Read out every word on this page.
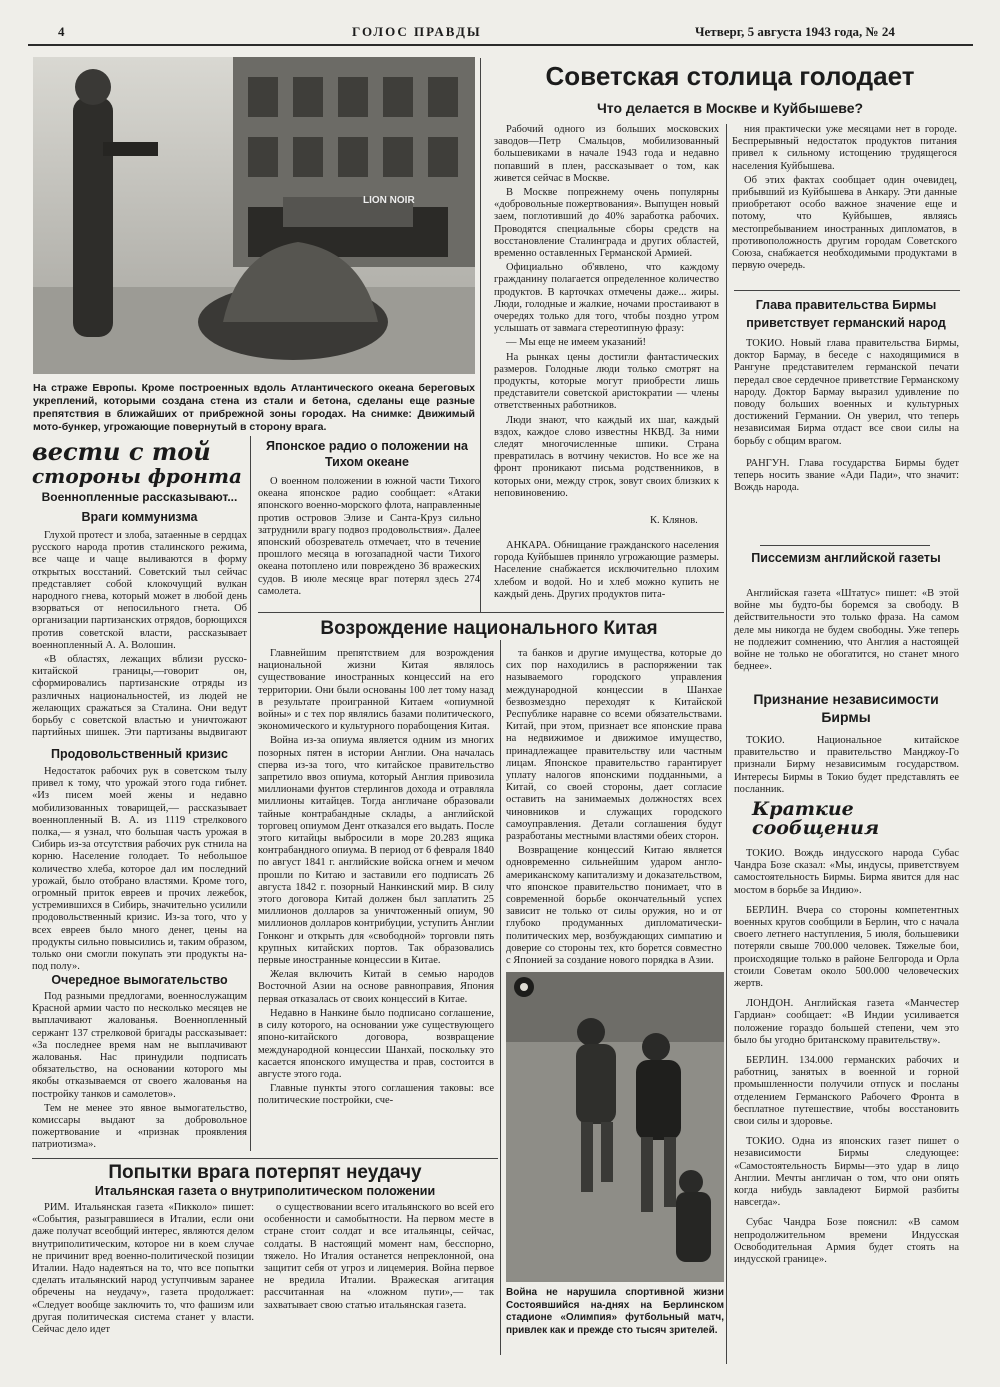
4	ГОЛОС ПРАВДЫ	Четверг, 5 августа 1943 года, № 24
LION NOIR
На страже Европы. Кроме построенных вдоль Атлантического океана береговых укреплений, которыми создана стена из стали и бетона, сделаны еще разные препятствия в ближайших от прибрежной зоны городах. На снимке: Движимый мото-бункер, угрожающие повернутый в сторону врага.
Советская столица голодает
Что делается в Москве и Куйбышеве?

Рабочий одного из больших московских заводов—Петр Смальцов, мобилизованный большевиками в начале 1943 года и недавно попавший в плен, рассказывает о том, как живется сейчас в Москве.

В Москве попрежнему очень популярны «добровольные пожертвования». Выпущен новый заем, поглотивший до 40% заработка рабочих. Проводятся специальные сборы средств на восстановление Сталинграда и других областей, временно оставленных Германской Армией.

Официально об'явлено, что каждому гражданину полагается определенное количество продуктов. В карточках отмечены даже... жиры. Люди, голодные и жалкие, ночами простаивают в очередях только для того, чтобы поздно утром услышать от завмага стереотипную фразу:

— Мы еще не имеем указаний!

На рынках цены достигли фантастических размеров. Голодные люди только смотрят на продукты, которые могут приобрести лишь представители советской аристократии — члены ответственных работников.

Люди знают, что каждый их шаг, каждый вздох, каждое слово известны НКВД. За ними следят многочисленные шпики. Страна превратилась в вотчину чекистов. Но все же на фронт проникают письма родственников, в которых они, между строк, зовут своих близких к неповиновению.

К. Клянов.

АНКАРА. Обнищание гражданского населения города Куйбышев приняло угрожающие размеры. Население снабжается исключительно плохим хлебом и водой. Но и хлеб можно купить не каждый день. Других продуктов пита-

ния практически уже месяцами нет в городе. Беспрерывный недостаток продуктов питания привел к сильному истощению трудящегося населения Куйбышева.

Об этих фактах сообщает один очевидец, прибывший из Куйбышева в Анкару. Эти данные приобретают особо важное значение еще и потому, что Куйбышев, являясь местопребыванием иностранных дипломатов, в противоположность другим городам Советского Союза, снабжается необходимыми продуктами в первую очередь.

Глава правительства Бирмы приветствует германский народ

ТОКИО. Новый глава правительства Бирмы, доктор Бармау, в беседе с находящимися в Рангуне представителем германской печати передал свое сердечное приветствие Германскому народу. Доктор Бармау выразил удивление по поводу больших военных и культурных достижений Германии. Он уверил, что теперь независимая Бирма отдаст все свои силы на борьбу с общим врагом.

РАНГУН. Глава государства Бирмы будет теперь носить звание «Ади Пади», что значит: Вождь народа.

Писсемизм английской газеты

Английская газета «Штатус» пишет: «В этой войне мы будто-бы боремся за свободу. В действительности это только фраза. На самом деле мы никогда не будем свободны. Уже теперь не подлежит сомнению, что Англия а настоящей войне не только не обогатится, но станет много беднее».

Признание независимости Бирмы

ТОКИО. Национальное китайское правительство и правительство Манджоу-Го признали Бирму независимым государством. Интересы Бирмы в Токио будет представлять ее посланник.

Краткие сообщения

ТОКИО. Вождь индусского народа Субас Чандра Бозе сказал: «Мы, индусы, приветствуем самостоятельность Бирмы. Бирма явится для нас мостом в борьбе за Индию».

БЕРЛИН. Вчера со стороны компетентных военных кругов сообщили в Берлин, что с начала своего летнего наступления, 5 июля, большевики потеряли свыше 700.000 человек. Тяжелые бои, происходящие только в районе Белгорода и Орла стоили Советам около 500.000 человеческих жертв.

ЛОНДОН. Английская газета «Манчестер Гардиан» сообщает: «В Индии усиливается положение гораздо большей степени, чем это было бы угодно британскому правительству».

БЕРЛИН. 134.000 германских рабочих и работниц, занятых в военной и горной промышленности получили отпуск и посланы отделением Германского Рабочего Фронта в бесплатное путешествие, чтобы восстановить свои силы и здоровье.

ТОКИО. Одна из японских газет пишет о независимости Бирмы следующее: «Самостоятельность Бирмы—это удар в лицо Англии. Мечты англичан о том, что они опять когда нибудь завладеют Бирмой разбиты навсегда».

Субас Чандра Бозе пояснил: «В самом непродолжительном времени Индусская Освободительная Армия будет стоять на индусской границе».

вести с той
стороны фронта
Военнопленные рассказывают...
Враги коммунизма

Глухой протест и злоба, затаенные в сердцах русского народа против сталинского режима, все чаще и чаще выливаются в форму открытых восстаний. Советский тыл сейчас представляет собой клокочущий вулкан народного гнева, который может в любой день взорваться от непосильного гнета. Об организации партизанских отрядов, борющихся против советской власти, рассказывает военнопленный А. А. Волошин.

«В областях, лежащих вблизи русско-китайской границы,—говорит он, сформировались партизанские отряды из различных национальностей, из людей не желающих сражаться за Сталина. Они ведут борьбу с советской властью и уничтожают партийных шишек. Эти партизаны выдвигают

Продовольственный кризис

Недостаток рабочих рук в советском тылу привел к тому, что урожай этого года гибнет. «Из писем моей жены и недавно мобилизованных товарищей,— рассказывает военнопленный В. А. из 1119 стрелкового полка,— я узнал, что большая часть урожая в Сибирь из-за отсутствия рабочих рук стнила на корню. Население голодает. То небольшое количество хлеба, которое дал им последний урожай, было отобрано властями. Кроме того, огромный приток евреев и прочих лежебок, устремившихся в Сибирь, значительно усилили продовольственный кризис. Из-за того, что у всех евреев было много денег, цены на продукты сильно повысились и, таким образом, только они смогли покупать эти продукты на-под полу».

Очередное вымогательство

Под разными предлогами, военнослужащим Красной армии часто по несколько месяцев не выплачивают жалованья. Военнопленный сержант 137 стрелковой бригады рассказывает: «За последнее время нам не выплачивают жалованья. Нас принудили подписать обязательство, на основании которого мы якобы отказываемся от своего жалованья на постройку танков и самолетов».

Тем не менее это явное вымогательство, комиссары выдают за добровольное пожертвование и «признак проявления патриотизма».

Японское радио о положении на Тихом океане

О военном положении в южной части Тихого океана японское радио сообщает: «Атаки японского военно-морского флота, направленные против островов Элизе и Санта-Круз сильно затруднили врагу подвоз продовольствия». Далее японский обозреватель отмечает, что в течение прошлого месяца в югозападной части Тихого океана потоплено или повреждено 36 вражеских судов. В июле месяце враг потерял здесь 274 самолета.

Возрождение национального Китая

Главнейшим препятствием для возрождения национальной жизни Китая являлось существование иностранных концессий на его территории. Они были основаны 100 лет тому назад в результате проигранной Китаем «опиумной войны» и с тех пор являлись базами политического, экономического и культурного порабощения Китая.

Война из-за опиума является одним из многих позорных пятен в истории Англии. Она началась сперва из-за того, что китайское правительство запретило ввоз опиума, который Англия привозила миллионами фунтов стерлингов доходa и отравляла миллионы китайцев. Тогда англичане образовали тайные контрабандные склады, а английской торговец опиумом Дент отказался его выдать. После этого китайцы выбросили в море 20.283 ящика контрабандного опиума. В период от 6 февраля 1840 по август 1841 г. английские войска огнем и мечом прошли по Китаю и заставили его подписать 26 августа 1842 г. позорный Нанкинский мир. В силу этого договора Китай должен был заплатить 25 миллионов долларов за уничтоженный опиум, 90 миллионов долларов контрибуции, уступить Англии Гонконг и открыть для «свободной» торговли пять крупных китайских портов. Так образовались первые иностранные концессии в Китае.

Желая включить Китай в семью народов Восточной Азии на основе равноправия, Япония первая отказалась от своих концессий в Китае.

Недавно в Нанкине было подписано соглашение, в силу которого, на основании уже существующего японо-китайского договора, возвращение международной концессии Шанхай, поскольку это касается японского имущества и прав, состоится в августе этого года.

Главные пункты этого соглашения таковы: все политические постройки, сче-

та банков и другие имущества, которые до сих пор находились в распоряжении так называемого городского управления международной концессии в Шанхае безвозмездно переходят к Китайской Республике наравне со всеми обязательствами. Китай, при этом, признает все японские права на недвижимое и движимое имущество, принадлежащее правительству или частным лицам. Японское правительство гарантирует уплату налогов японскими подданными, а Китай, со своей стороны, дает согласие оставить на занимаемых должностях всех чиновников и служащих городского самоуправления. Детали соглашения будут разработаны местными властями обеих сторон.

Возвращение концессий Китаю является одновременно сильнейшим ударом англо-американскому капитализму и доказательством, что японское правительство понимает, что в современной борьбе окончательный успех зависит не только от силы оружия, но и от глубоко продуманных дипломатически-политических мер, возбуждающих симпатию и доверие со стороны тех, кто борется совместно с Японией за создание нового порядка в Азии.

Война не нарушила спортивной жизни Состоявшийся на-днях на Берлинском стадионе «Олимпия» футбольный матч, привлек как и прежде сто тысяч зрителей.
Попытки врага потерпят неудачу
Итальянская газета о внутриполитическом положении

РИМ. Итальянская газета «Пикколо» пишет: «События, разыгравшиеся в Италии, если они даже получат всеобщий интерес, являются делом внутриполитическим, которое ни в коем случае не причинит вред военно-политической позиции Италии. Надо надеяться на то, что все попытки сделать итальянский народ уступчивым заранее обречены на неудачу», газета продолжает: «Следует вообще заключить то, что фашизм или другая политическая система станет у власти. Сейчас дело идет

о существовании всего итальянского во всей его особенности и самобытности. На первом месте в стране стоит солдат и все итальянцы, сейчас, солдаты. В настоящий момент нам, бесспорно, тяжело. Но Италия останется непреклонной, она защитит себя от угроз и лицемерия. Война первое не вредила Италии. Вражеская агитация рассчитанная на «ложном пути»,— так захватывает свою статью итальянская газета.
